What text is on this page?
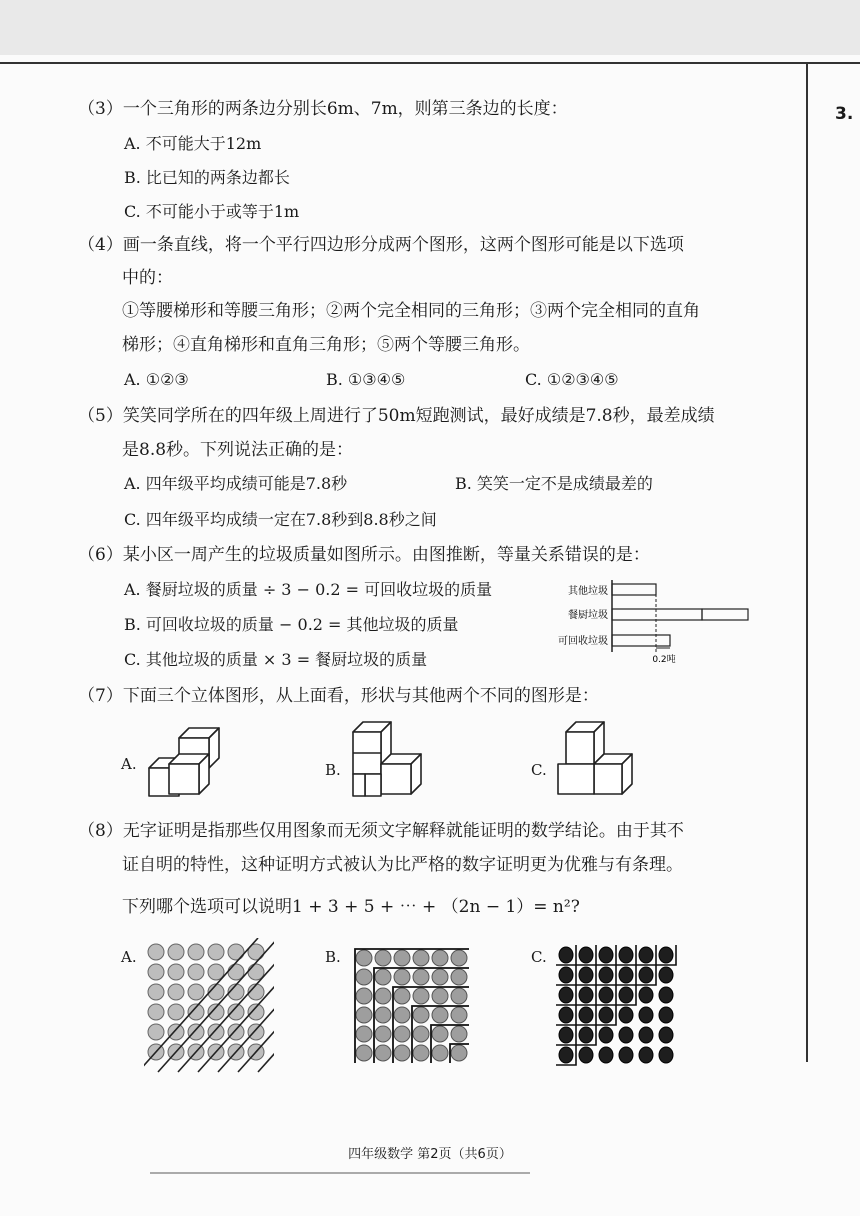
3.
（3）一个三角形的两条边分别长6m、7m，则第三条边的长度：
A. 不可能大于12m
B. 比已知的两条边都长
C. 不可能小于或等于1m
（4）画一条直线，将一个平行四边形分成两个图形，这两个图形可能是以下选项
中的：
①等腰梯形和等腰三角形；②两个完全相同的三角形；③两个完全相同的直角
梯形；④直角梯形和直角三角形；⑤两个等腰三角形。
A. ①②③	B. ①③④⑤	C. ①②③④⑤
（5）笑笑同学所在的四年级上周进行了50m短跑测试，最好成绩是7.8秒，最差成绩
是8.8秒。下列说法正确的是：
A. 四年级平均成绩可能是7.8秒	B. 笑笑一定不是成绩最差的
C. 四年级平均成绩一定在7.8秒到8.8秒之间
（6）某小区一周产生的垃圾质量如图所示。由图推断，等量关系错误的是：
A. 餐厨垃圾的质量 ÷ 3 − 0.2 = 可回收垃圾的质量
B. 可回收垃圾的质量 − 0.2 = 其他垃圾的质量
C. 其他垃圾的质量 × 3 = 餐厨垃圾的质量
其他垃圾
餐厨垃圾
可回收垃圾
0.2吨
（7）下面三个立体图形，从上面看，形状与其他两个不同的图形是：
A.	B.	C.
（8）无字证明是指那些仅用图象而无须文字解释就能证明的数学结论。由于其不
证自明的特性，这种证明方式被认为比严格的数字证明更为优雅与有条理。
下列哪个选项可以说明1 + 3 + 5 + ⋯ + （2n − 1）= n²?
A.	B.	C.
四年级数学 第2页（共6页）
